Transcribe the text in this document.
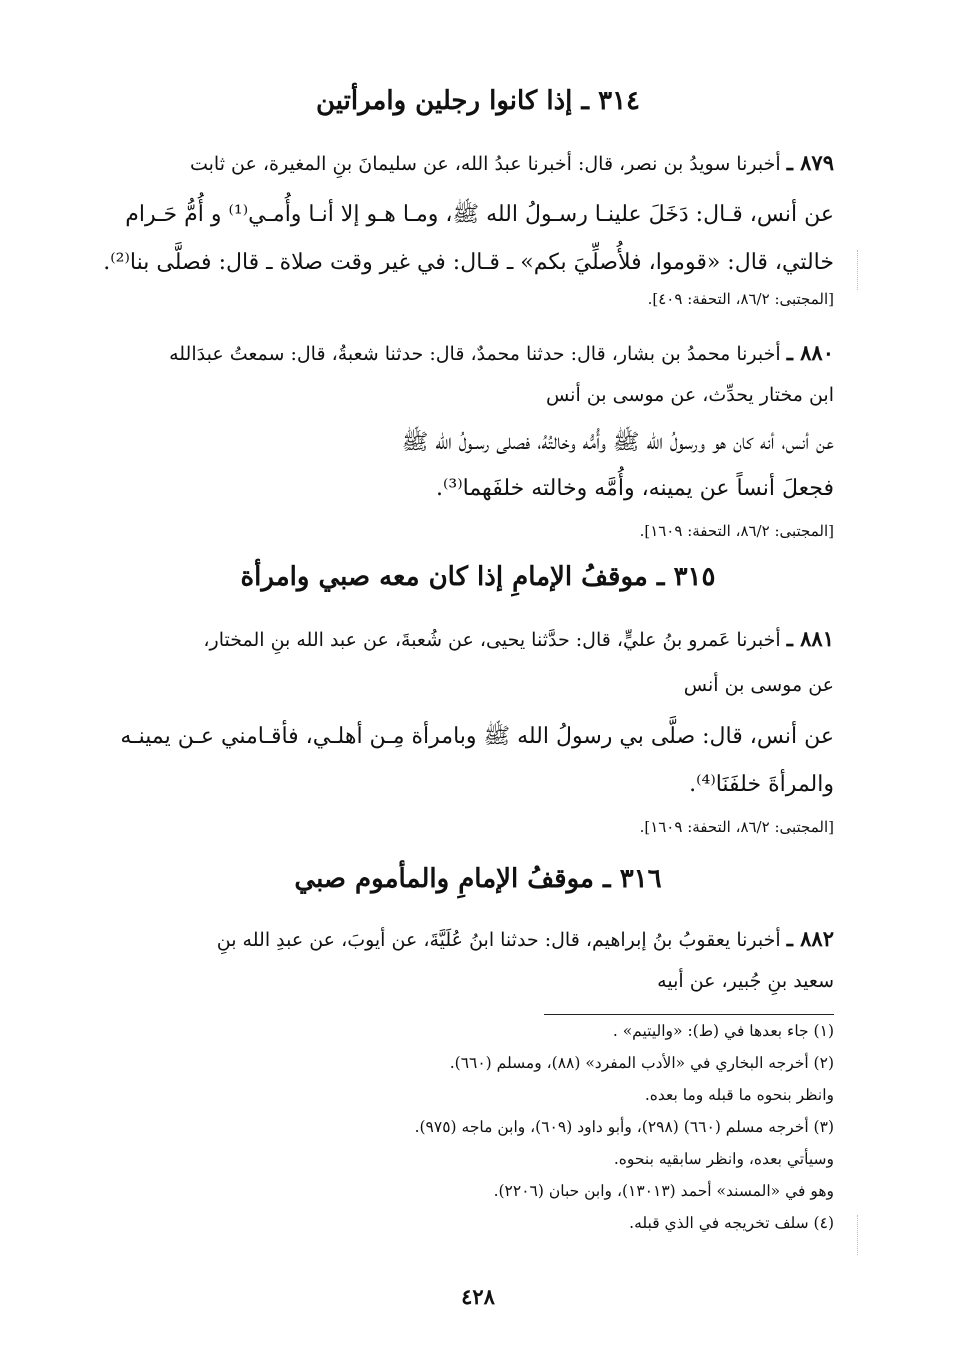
٣١٤ ـ إذا كانوا رجلين وامرأتين
٨٧٩ ـ أخبرنا سويدُ بن نصر، قال: أخبرنا عبدُ الله، عن سليمانَ بنِ المغيرة، عن ثابت
عن أنس، قـال: دَخَلَ علينـا رسـولُ الله ﷺ، ومـا هـو إلا أنـا وأُمـي⁽¹⁾ و أُمُّ حَـرام
خالتي، قال: «قوموا، فلأُصلِّيَ بكم» ـ قـال: في غير وقت صلاة ـ قال: فصلَّى بنا⁽²⁾.
[المجتبى: ٨٦/٢، التحفة: ٤٠٩].
٨٨٠ ـ أخبرنا محمدُ بن بشار، قال: حدثنا محمدٌ، قال: حدثنا شعبةُ، قال: سمعتُ عبدَالله
ابن مختار يحدِّث، عن موسى بن أنس
عن أنس، أنه كان هو ورسولُ الله ﷺ وأُمُّه وخالتُهُ، فصلى رسـولُ الله ﷺ
فجعلَ أنساً عن يمينه، وأُمَّه وخالته خلفَهما⁽³⁾.
[المجتبى: ٨٦/٢، التحفة: ١٦٠٩].
٣١٥ ـ موقفُ الإمامِ إذا كان معه صبي وامرأة
٨٨١ ـ أخبرنا عَمرو بنُ عليٍّ، قال: حدَّثنا يحيى، عن شُعبةَ، عن عبد الله بنِ المختار،
عن موسى بن أنس
عن أنس، قال: صلَّى بي رسولُ الله ﷺ وبامرأة مِـن أهلـي، فأقـامني عـن يمينـه
والمرأةَ خلفَنَا⁽⁴⁾.
[المجتبى: ٨٦/٢، التحفة: ١٦٠٩].
٣١٦ ـ موقفُ الإمامِ والمأموم صبي
٨٨٢ ـ أخبرنا يعقوبُ بنُ إبراهيم، قال: حدثنا ابنُ عُلَيَّةَ، عن أيوبَ، عن عبدِ الله بنِ
سعيد بنِ جُبير، عن أبيه
(١) جاء بعدها في (ط): «واليتيم» .
(٢) أخرجه البخاري في «الأدب المفرد» (٨٨)، ومسلم (٦٦٠).
وانظر بنحوه ما قبله وما بعده.
(٣) أخرجه مسلم (٦٦٠) (٢٩٨)، وأبو داود (٦٠٩)، وابن ماجه (٩٧٥).
وسيأتي بعده، وانظر سابقيه بنحوه.
وهو في «المسند» أحمد (١٣٠١٣)، وابن حبان (٢٢٠٦).
(٤) سلف تخريجه في الذي قبله.
٤٢٨
